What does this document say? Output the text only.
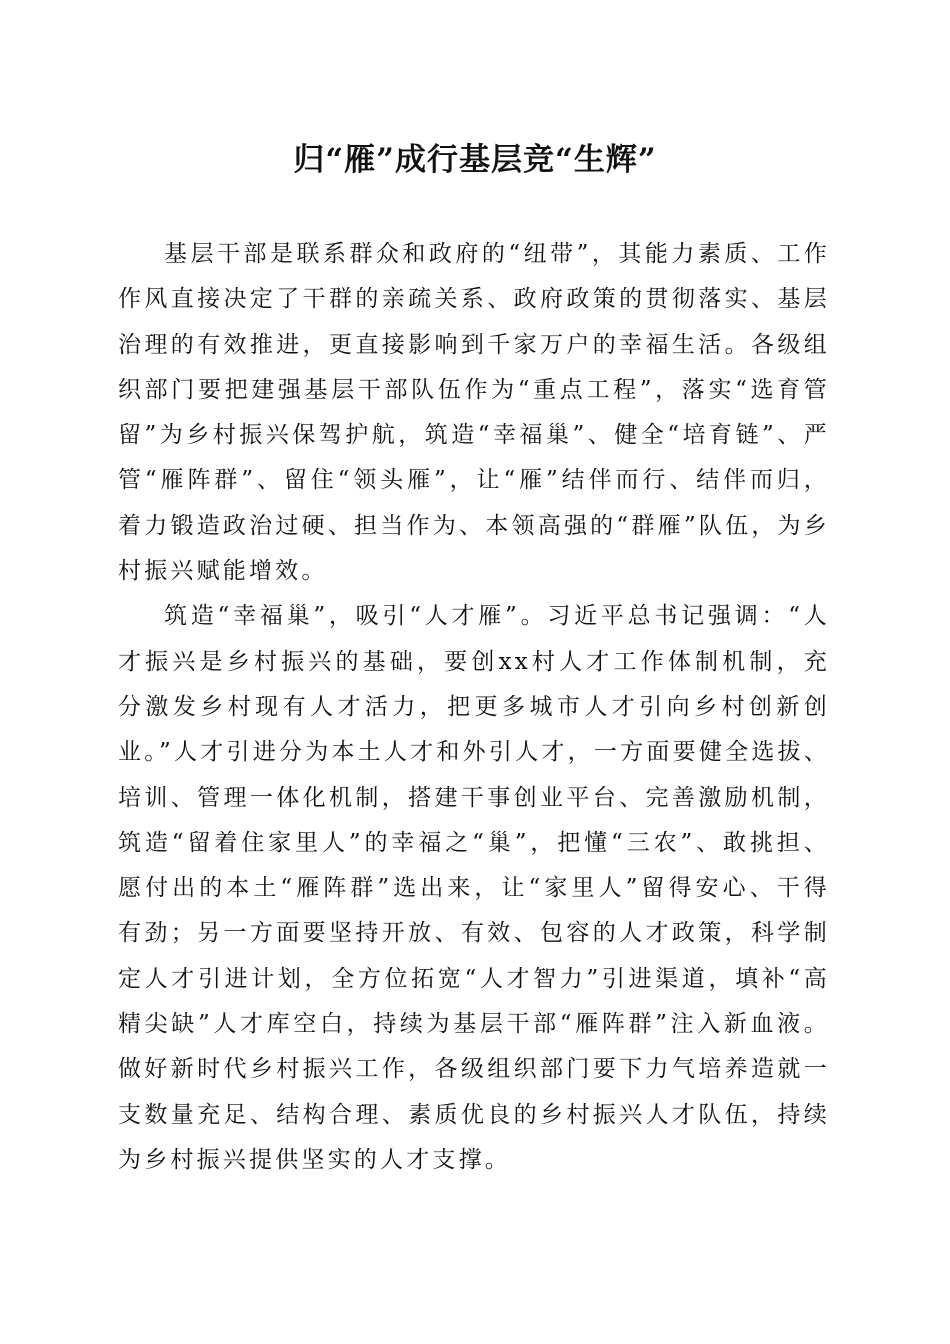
归“雁”成行基层竞“生辉”

基层干部是联系群众和政府的“纽带”，其能力素质、工作作风直接决定了干群的亲疏关系、政府政策的贯彻落实、基层治理的有效推进，更直接影响到千家万户的幸福生活。各级组织部门要把建强基层干部队伍作为“重点工程”，落实“选育管留”为乡村振兴保驾护航，筑造“幸福巢”、健全“培育链”、严管“雁阵群”、留住“领头雁”，让“雁”结伴而行、结伴而归，着力锻造政治过硬、担当作为、本领高强的“群雁”队伍，为乡村振兴赋能增效。

筑造“幸福巢”，吸引“人才雁”。习近平总书记强调：“人才振兴是乡村振兴的基础，要创xx村人才工作体制机制，充分激发乡村现有人才活力，把更多城市人才引向乡村创新创业。”人才引进分为本土人才和外引人才，一方面要健全选拔、培训、管理一体化机制，搭建干事创业平台、完善激励机制，筑造“留着住家里人”的幸福之“巢”，把懂“三农”、敢挑担、愿付出的本土“雁阵群”选出来，让“家里人”留得安心、干得有劲；另一方面要坚持开放、有效、包容的人才政策，科学制定人才引进计划，全方位拓宽“人才智力”引进渠道，填补“高精尖缺”人才库空白，持续为基层干部“雁阵群”注入新血液。做好新时代乡村振兴工作，各级组织部门要下力气培养造就一支数量充足、结构合理、素质优良的乡村振兴人才队伍，持续为乡村振兴提供坚实的人才支撑。
